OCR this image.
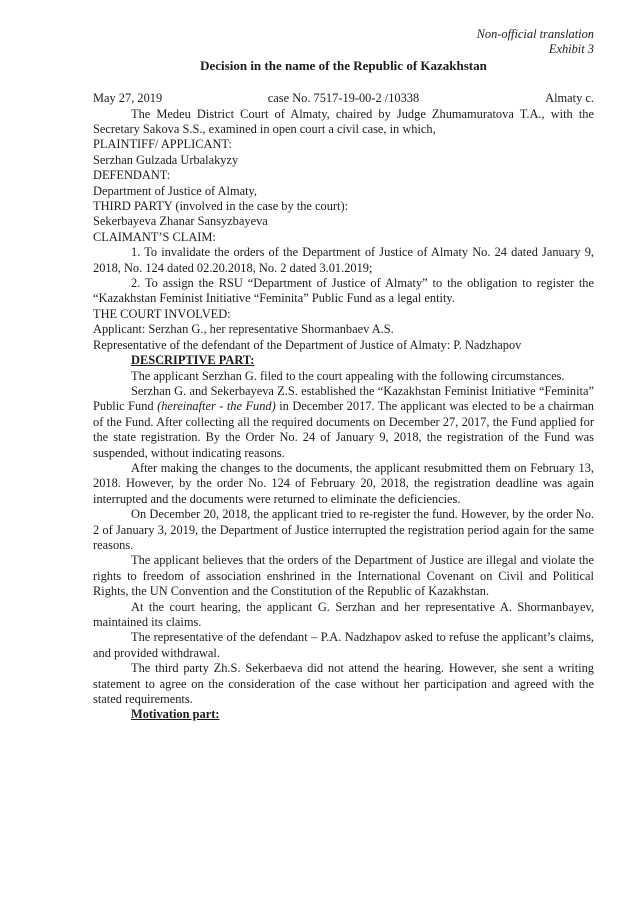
Non-official translation
Exhibit 3
Decision in the name of the Republic of Kazakhstan
May 27, 2019	case No. 7517-19-00-2 /10338	Almaty c.

The Medeu District Court of Almaty, chaired by Judge Zhumamuratova T.A., with the Secretary Sakova S.S., examined in open court a civil case, in which,

PLAINTIFF/ APPLICANT:

Serzhan Gulzada Urbalakyzy

DEFENDANT:

Department of Justice of Almaty,

THIRD PARTY (involved in the case by the court):

Sekerbayeva Zhanar Sansyzbayeva

CLAIMANT’S CLAIM:

1. To invalidate the orders of the Department of Justice of Almaty No. 24 dated January 9, 2018, No. 124 dated 02.20.2018, No. 2 dated 3.01.2019;

2. To assign the RSU “Department of Justice of Almaty” to the obligation to register the “Kazakhstan Feminist Initiative “Feminita” Public Fund as a legal entity.

THE COURT INVOLVED:

Applicant: Serzhan G., her representative Shormanbaev A.S.

Representative of the defendant of the Department of Justice of Almaty: P. Nadzhapov

DESCRIPTIVE PART:

The applicant Serzhan G. filed to the court appealing with the following circumstances.

Serzhan G. and Sekerbayeva Z.S. established the “Kazakhstan Feminist Initiative “Feminita” Public Fund (hereinafter - the Fund) in December 2017. The applicant was elected to be a chairman of the Fund. After collecting all the required documents on December 27, 2017, the Fund applied for the state registration. By the Order No. 24 of January 9, 2018, the registration of the Fund was suspended, without indicating reasons.

After making the changes to the documents, the applicant resubmitted them on February 13, 2018. However, by the order No. 124 of February 20, 2018, the registration deadline was again interrupted and the documents were returned to eliminate the deficiencies.

On December 20, 2018, the applicant tried to re-register the fund. However, by the order No. 2 of January 3, 2019, the Department of Justice interrupted the registration period again for the same reasons.

The applicant believes that the orders of the Department of Justice are illegal and violate the rights to freedom of association enshrined in the International Covenant on Civil and Political Rights, the UN Convention and the Constitution of the Republic of Kazakhstan.

At the court hearing, the applicant G. Serzhan and her representative A. Shormanbayev, maintained its claims.

The representative of the defendant – P.A. Nadzhapov asked to refuse the applicant’s claims, and provided withdrawal.

The third party Zh.S. Sekerbaeva did not attend the hearing. However, she sent a writing statement to agree on the consideration of the case without her participation and agreed with the stated requirements.

Motivation part:
